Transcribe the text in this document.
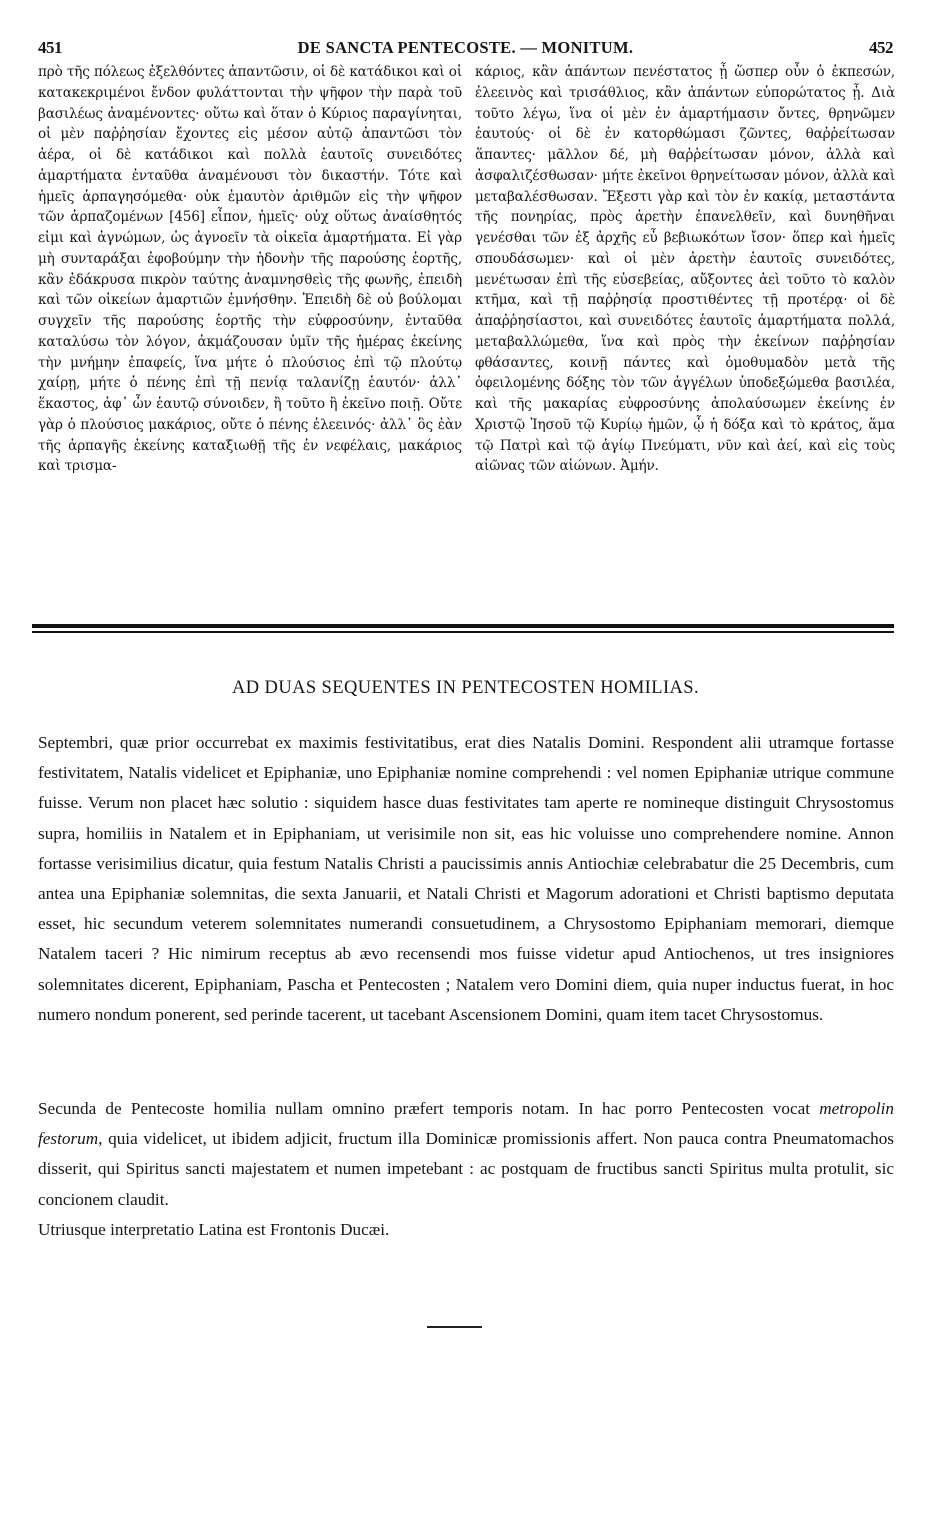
451	DE SANCTA PENTECOSTE. — MONITUM.	452

πρὸ τῆς πόλεως ἐξελθόντες ἀπαντῶσιν, οἱ δὲ κατάδικοι καὶ οἱ κατακεκριμένοι ἔνδον φυλάττονται τὴν ψῆφον τὴν παρὰ τοῦ βασιλέως ἀναμένοντες· οὕτω καὶ ὅταν ὁ Κύριος παραγίνηται, οἱ μὲν παῤῥησίαν ἔχοντες εἰς μέσον αὐτῷ ἀπαντῶσι τὸν ἀέρα, οἱ δὲ κατάδικοι καὶ πολλὰ ἑαυτοῖς συνειδότες ἁμαρτήματα ἐνταῦθα ἀναμένουσι τὸν δικαστήν. Τότε καὶ ἡμεῖς ἁρπαγησόμεθα· οὐκ ἐμαυτὸν ἀριθμῶν εἰς τὴν ψῆφον τῶν ἁρπαζομένων [456] εἶπον, ἡμεῖς· οὐχ οὕτως ἀναίσθητός εἰμι καὶ ἀγνώμων, ὡς ἀγνοεῖν τὰ οἰκεῖα ἁμαρτήματα. Εἰ γὰρ μὴ συνταράξαι ἐφοβούμην τὴν ἡδονὴν τῆς παρούσης ἑορτῆς, κἂν ἐδάκρυσα πικρὸν ταύτης ἀναμνησθεὶς τῆς φωνῆς, ἐπειδὴ καὶ τῶν οἰκείων ἁμαρτιῶν ἐμνήσθην. Ἐπειδὴ δὲ οὐ βούλομαι συγχεῖν τῆς παρούσης ἑορτῆς τὴν εὐφροσύνην, ἐνταῦθα καταλύσω τὸν λόγον, ἀκμάζουσαν ὑμῖν τῆς ἡμέρας ἐκείνης τὴν μνήμην ἐπαφείς, ἵνα μήτε ὁ πλούσιος ἐπὶ τῷ πλούτῳ χαίρῃ, μήτε ὁ πένης ἐπὶ τῇ πενίᾳ ταλανίζῃ ἑαυτόν· ἀλλ᾽ ἕκαστος, ἀφ᾽ ὧν ἑαυτῷ σύνοιδεν, ἢ τοῦτο ἢ ἐκεῖνο ποιῇ. Οὔτε γὰρ ὁ πλούσιος μακάριος, οὔτε ὁ πένης ἐλεεινός· ἀλλ᾽ ὃς ἐὰν τῆς ἁρπαγῆς ἐκείνης καταξιωθῇ τῆς ἐν νεφέλαις, μακάριος καὶ τρισμα-

κάριος, κἂν ἁπάντων πενέστατος ᾖ ὥσπερ οὖν ὁ ἐκπεσών, ἐλεεινὸς καὶ τρισάθλιος, κἂν ἁπάντων εὐπορώτατος ᾖ. Διὰ τοῦτο λέγω, ἵνα οἱ μὲν ἐν ἁμαρτήμασιν ὄντες, θρηνῶμεν ἑαυτούς· οἱ δὲ ἐν κατορθώμασι ζῶντες, θαῤῥείτωσαν ἅπαντες· μᾶλλον δέ, μὴ θαῤῥείτωσαν μόνον, ἀλλὰ καὶ ἀσφαλιζέσθωσαν· μήτε ἐκεῖνοι θρηνείτωσαν μόνον, ἀλλὰ καὶ μεταβαλέσθωσαν. Ἔξεστι γὰρ καὶ τὸν ἐν κακίᾳ, μεταστάντα τῆς πονηρίας, πρὸς ἀρετὴν ἐπανελθεῖν, καὶ δυνηθῆναι γενέσθαι τῶν ἐξ ἀρχῆς εὖ βεβιωκότων ἴσον· ὅπερ καὶ ἡμεῖς σπουδάσωμεν· καὶ οἱ μὲν ἀρετὴν ἑαυτοῖς συνειδότες, μενέτωσαν ἐπὶ τῆς εὐσεβείας, αὔξοντες ἀεὶ τοῦτο τὸ καλὸν κτῆμα, καὶ τῇ παῤῥησίᾳ προστιθέντες τῇ προτέρᾳ· οἱ δὲ ἀπαῤῥησίαστοι, καὶ συνειδότες ἑαυτοῖς ἁμαρτήματα πολλά, μεταβαλλώμεθα, ἵνα καὶ πρὸς τὴν ἐκείνων παῤῥησίαν φθάσαντες, κοινῇ πάντες καὶ ὁμοθυμαδὸν μετὰ τῆς ὀφειλομένης δόξης τὸν τῶν ἀγγέλων ὑποδεξώμεθα βασιλέα, καὶ τῆς μακαρίας εὐφροσύνης ἀπολαύσωμεν ἐκείνης ἐν Χριστῷ Ἰησοῦ τῷ Κυρίῳ ἡμῶν, ᾧ ἡ δόξα καὶ τὸ κράτος, ἅμα τῷ Πατρὶ καὶ τῷ ἁγίῳ Πνεύματι, νῦν καὶ ἀεί, καὶ εἰς τοὺς αἰῶνας τῶν αἰώνων. Ἀμήν.

AD DUAS SEQUENTES IN PENTECOSTEN HOMILIAS.

Septembri, quæ prior occurrebat ex maximis festivitatibus, erat dies Natalis Domini. Respondent alii utramque fortasse festivitatem, Natalis videlicet et Epiphaniæ, uno Epiphaniæ nomine comprehendi : vel nomen Epiphaniæ utrique commune fuisse. Verum non placet hæc solutio : siquidem hasce duas festivitates tam aperte re nomineque distinguit Chrysostomus supra, homiliis in Natalem et in Epiphaniam, ut verisimile non sit, eas hic voluisse uno comprehendere nomine. Annon fortasse verisimilius dicatur, quia festum Natalis Christi a paucissimis annis Antiochiæ celebrabatur die 25 Decembris, cum antea una Epiphaniæ solemnitas, die sexta Januarii, et Natali Christi et Magorum adorationi et Christi baptismo deputata esset, hic secundum veterem solemnitates numerandi consuetudinem, a Chrysostomo Epiphaniam memorari, diemque Natalem taceri ? Hic nimirum receptus ab ævo recensendi mos fuisse videtur apud Antiochenos, ut tres insigniores solemnitates dicerent, Epiphaniam, Pascha et Pentecosten ; Natalem vero Domini diem, quia nuper inductus fuerat, in hoc numero nondum ponerent, sed perinde tacerent, ut tacebant Ascensionem Domini, quam item tacet Chrysostomus.

Secunda de Pentecoste homilia nullam omnino præfert temporis notam. In hac porro Pentecosten vocat metropolin festorum, quia videlicet, ut ibidem adjicit, fructum illa Dominicæ promissionis affert. Non pauca contra Pneumatomachos disserit, qui Spiritus sancti majestatem et numen impetebant : ac postquam de fructibus sancti Spiritus multa protulit, sic concionem claudit.

Utriusque interpretatio Latina est Frontonis Ducæi.
